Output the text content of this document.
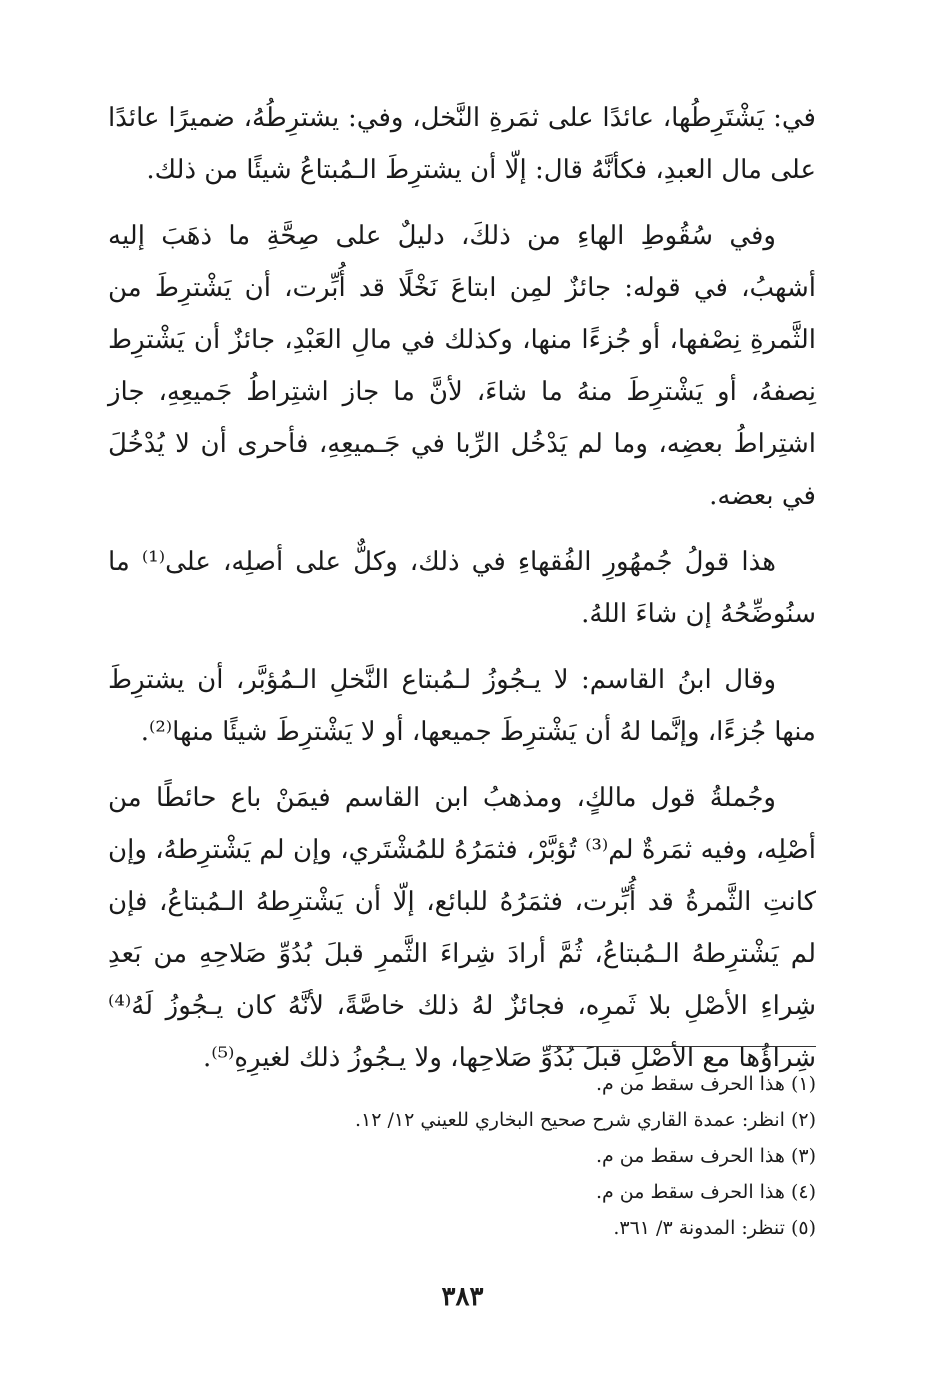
في: يَشْتَرِطُها، عائدًا على ثمَرةِ النَّخل، وفي: يشترِطُهُ، ضميرًا عائدًا على مال العبدِ، فكأنَّهُ قال: إلّا أن يشترِطَ الـمُبتاعُ شيئًا من ذلك.

وفي سُقُوطِ الهاءِ من ذلكَ، دليلٌ على صِحَّةِ ما ذهَبَ إليه أشهبُ، في قوله: جائزٌ لمِن ابتاعَ نَخْلًا قد أُبِّرت، أن يَشْترِطَ من الثَّمرةِ نِصْفها، أو جُزءًا منها، وكذلك في مالِ العَبْدِ، جائزٌ أن يَشْترِط نِصفهُ، أو يَشْترِطَ منهُ ما شاءَ، لأنَّ ما جاز اشتِراطُ جَميعِهِ، جاز اشتِراطُ بعضِه، وما لم يَدْخُل الرِّبا في جَـميعِهِ، فأحرى أن لا يُدْخُلَ في بعضه.

هذا قولُ جُمهُورِ الفُقهاءِ في ذلك، وكلٌّ على أصلِه، على⁽¹⁾ ما سنُوضِّحُهُ إن شاءَ اللهُ.

وقال ابنُ القاسم: لا يـجُوزُ لـمُبتاع النَّخلِ الـمُؤبَّر، أن يشترِطَ منها جُزءًا، وإنَّما لهُ أن يَشْترِطَ جميعها، أو لا يَشْترِطَ شيئًا منها⁽²⁾.

وجُملةُ قول مالكٍ، ومذهبُ ابن القاسم فيمَنْ باع حائطًا من أصْلِه، وفيه ثمَرةٌ لم⁽³⁾ تُؤبَّرْ، فثمَرُهُ للمُشْتَري، وإن لم يَشْترِطهُ، وإن كانتِ الثَّمرةُ قد أُبِّرت، فثمَرُهُ للبائع، إلّا أن يَشْترِطهُ الـمُبتاعُ، فإن لم يَشْترِطهُ الـمُبتاعُ، ثُمَّ أرادَ شِراءَ الثَّمرِ قبلَ بُدُوِّ صَلاحِهِ من بَعدِ شِراءِ الأصْلِ بلا ثَمرِه، فجائزٌ لهُ ذلك خاصَّةً، لأنَّهُ كان يـجُوزُ لَهُ⁽⁴⁾ شِراؤُها مع الأصْلِ قبلَ بُدُوِّ صَلاحِها، ولا يـجُوزُ ذلك لغيرِهِ⁽⁵⁾.

(١) هذا الحرف سقط من م.

(٢) انظر: عمدة القاري شرح صحيح البخاري للعيني ١٢/ ١٢.

(٣) هذا الحرف سقط من م.

(٤) هذا الحرف سقط من م.

(٥) تنظر: المدونة ٣/ ٣٦١.

٣٨٣
